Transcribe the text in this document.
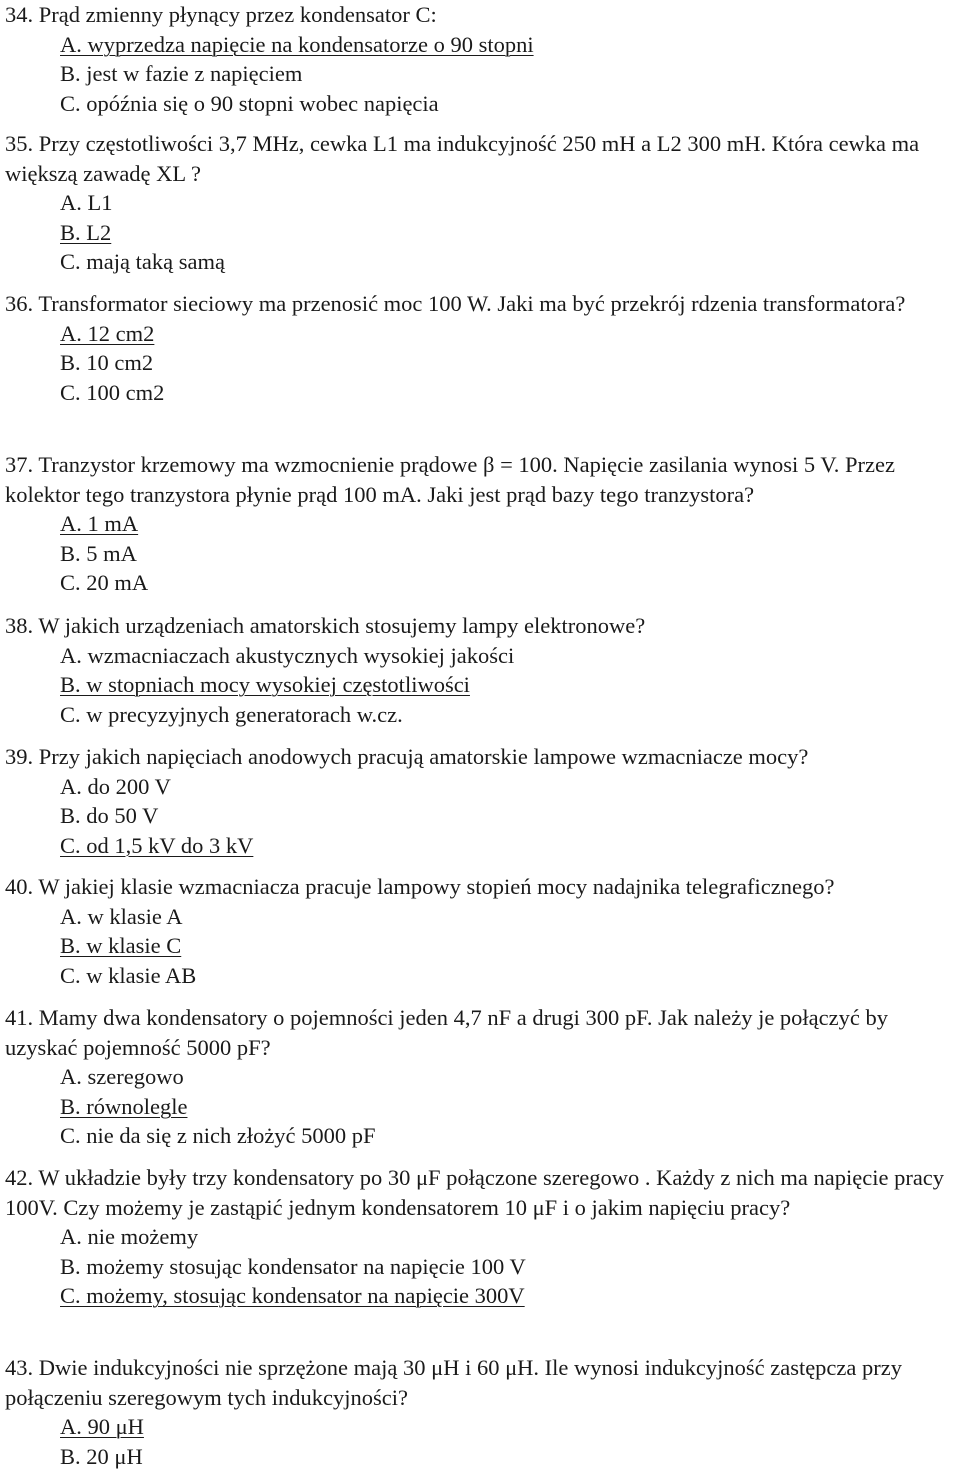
34. Prąd zmienny płynący przez kondensator C:

A. wyprzedza napięcie na kondensatorze o 90 stopni
B. jest w fazie z napięciem
C. opóźnia się o 90 stopni wobec napięcia

35. Przy częstotliwości 3,7 MHz, cewka L1 ma indukcyjność 250 mH a L2 300 mH. Która cewka ma większą zawadę XL ?

A. L1
B. L2
C. mają taką samą

36. Transformator sieciowy ma przenosić moc 100 W. Jaki ma być przekrój rdzenia transformatora?

A. 12 cm2
B. 10 cm2
C. 100 cm2

37. Tranzystor krzemowy ma wzmocnienie prądowe β = 100. Napięcie zasilania wynosi 5 V. Przez kolektor tego tranzystora płynie prąd 100 mA. Jaki jest prąd bazy tego tranzystora?

A. 1 mA
B. 5 mA
C. 20 mA

38. W jakich urządzeniach amatorskich stosujemy lampy elektronowe?

A. wzmacniaczach akustycznych wysokiej jakości
B. w stopniach mocy wysokiej częstotliwości
C. w precyzyjnych generatorach w.cz.

39. Przy jakich napięciach anodowych pracują amatorskie lampowe wzmacniacze mocy?

A. do 200 V
B. do 50 V
C. od 1,5 kV do 3 kV

40. W jakiej klasie wzmacniacza pracuje lampowy stopień mocy nadajnika telegraficznego?

A. w klasie A
B. w klasie C
C. w klasie AB

41. Mamy dwa kondensatory o pojemności jeden 4,7 nF a drugi 300 pF. Jak należy je połączyć by uzyskać pojemność 5000 pF?

A. szeregowo
B. równolegle
C. nie da się z nich złożyć 5000 pF

42. W układzie były trzy kondensatory po 30 μF połączone szeregowo . Każdy z nich ma napięcie pracy 100V. Czy możemy je zastąpić jednym kondensatorem 10 μF i o jakim napięciu pracy?

A. nie możemy
B. możemy stosując kondensator na napięcie 100 V
C. możemy, stosując kondensator na napięcie 300V

43. Dwie indukcyjności nie sprzężone mają 30 μH i 60 μH. Ile wynosi indukcyjność zastępcza przy połączeniu szeregowym tych indukcyjności?

A. 90 μH
B. 20 μH
